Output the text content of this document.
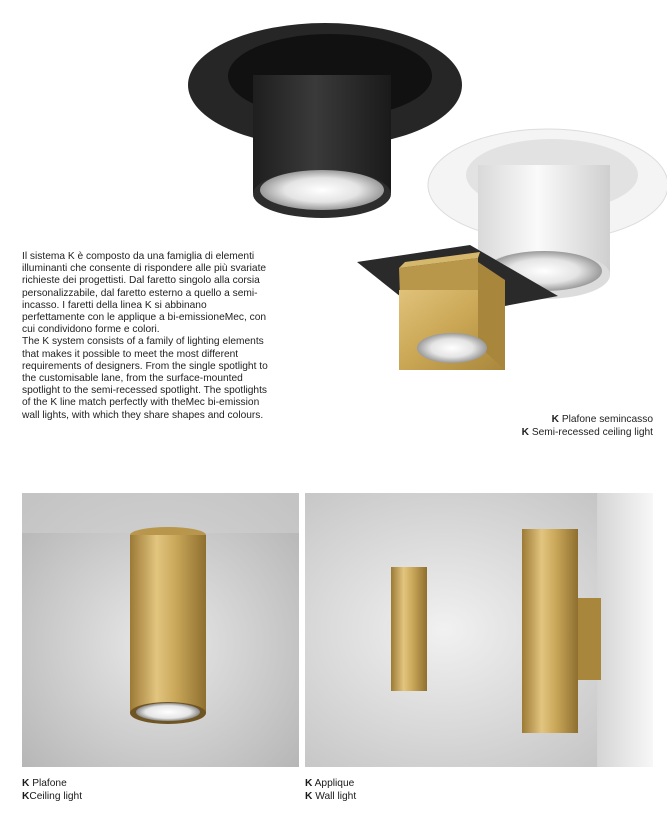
Il sistema K è composto da una famiglia di elementi illuminanti che consente di rispondere alle più svariate richieste dei progettisti. Dal faretto singolo alla corsia personalizzabile, dal faretto esterno a quello a semi-incasso. I faretti della linea K si abbinano perfettamente con le applique a bi-emissioneMec, con cui condividono forme e colori.

The K system consists of a family of lighting elements that makes it possible to meet the most different requirements of designers. From the single spotlight to the customisable lane, from the surface-mounted spotlight to the semi-recessed spotlight. The spotlights of the K line match perfectly with theMec bi-emission wall lights, with which they share shapes and colours.	K Plafone semincasso
K Semi-recessed ceiling light
K Plafone
KCeiling light
K Applique
K Wall light
